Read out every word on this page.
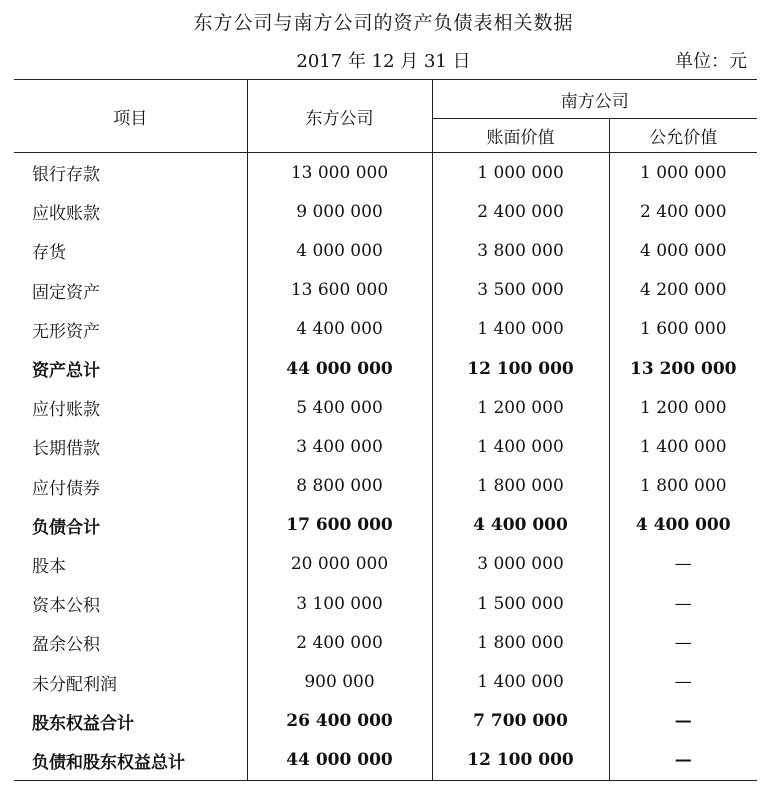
东方公司与南方公司的资产负债表相关数据
2017 年 12 月 31 日	单位：元
项目	东方公司	南方公司	
		账面价值	公允价值
银行存款	13 000 000	1 000 000	1 000 000
应收账款	9 000 000	2 400 000	2 400 000
存货	4 000 000	3 800 000	4 000 000
固定资产	13 600 000	3 500 000	4 200 000
无形资产	4 400 000	1 400 000	1 600 000
资产总计	44 000 000	12 100 000	13 200 000
应付账款	5 400 000	1 200 000	1 200 000
长期借款	3 400 000	1 400 000	1 400 000
应付债券	8 800 000	1 800 000	1 800 000
负债合计	17 600 000	4 400 000	4 400 000
股本	20 000 000	3 000 000	—
资本公积	3 100 000	1 500 000	—
盈余公积	2 400 000	1 800 000	—
未分配利润	900 000	1 400 000	—
股东权益合计	26 400 000	7 700 000	—
负债和股东权益总计	44 000 000	12 100 000	—
